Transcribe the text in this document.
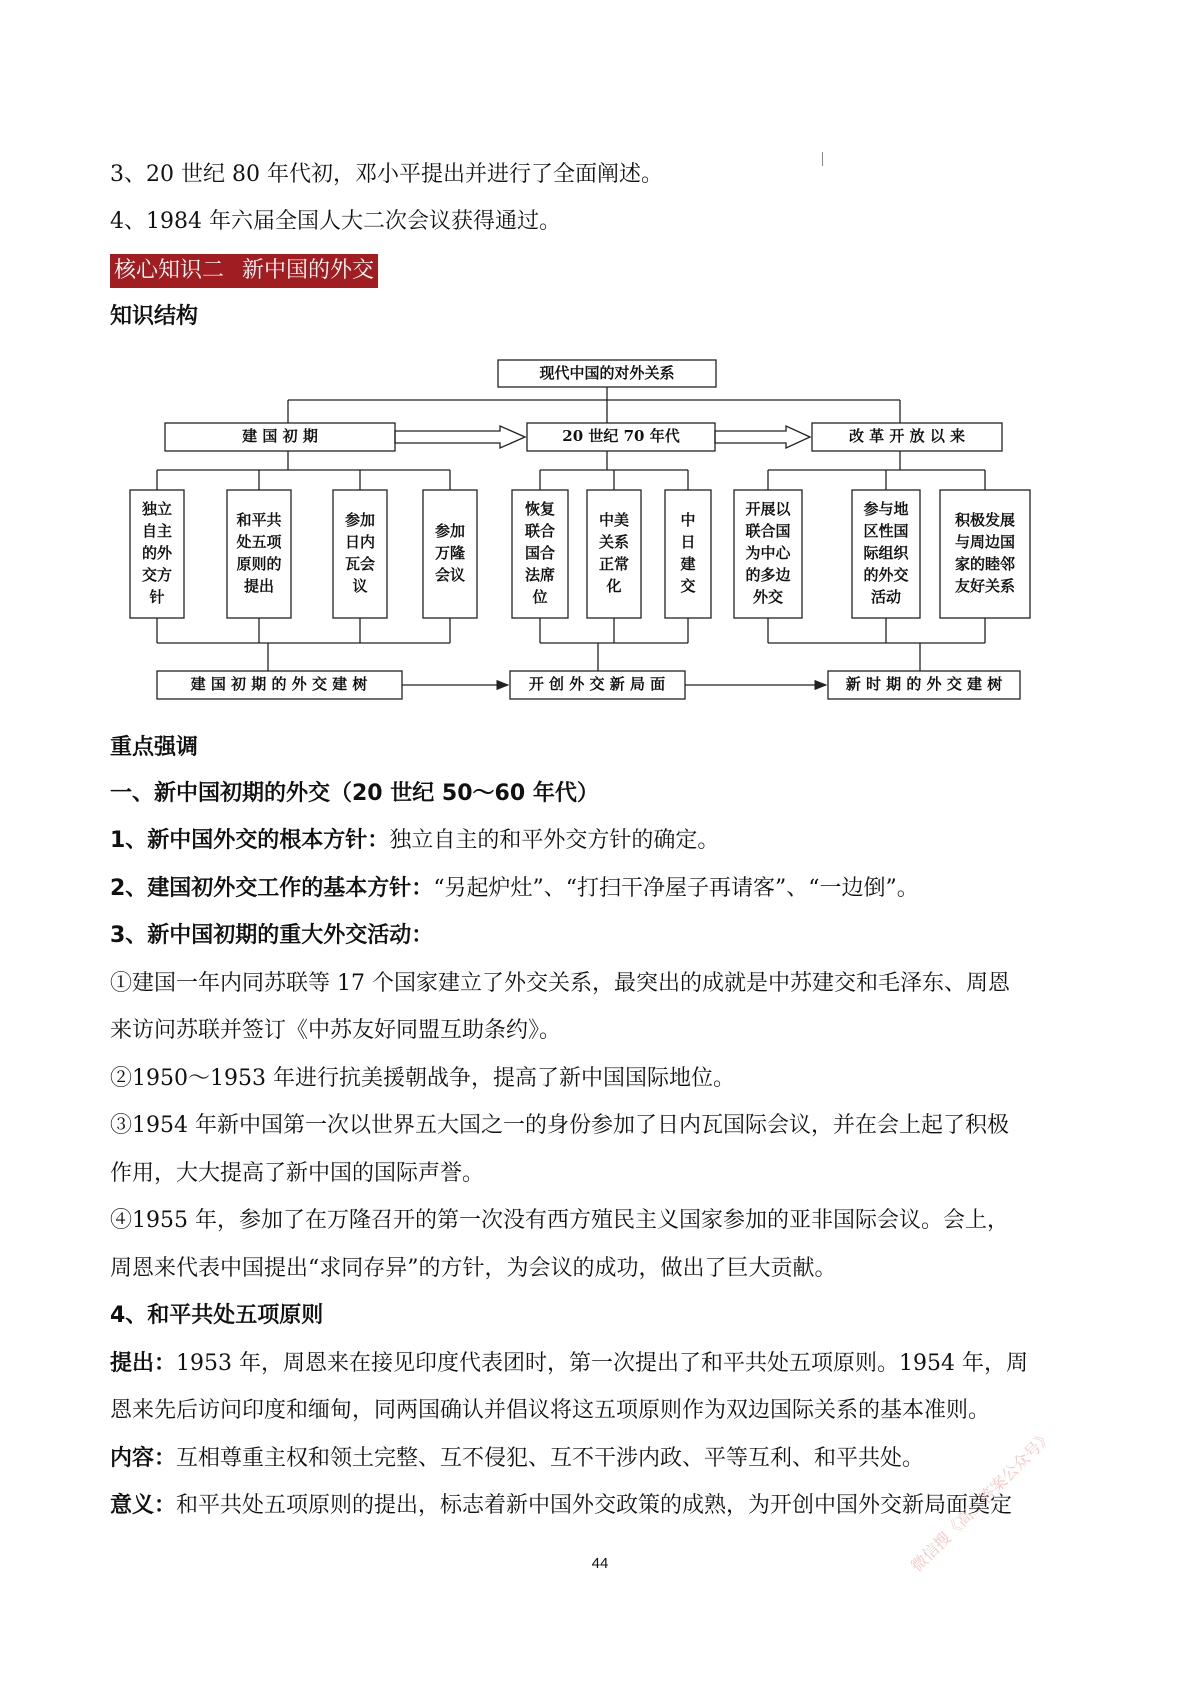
3、20 世纪 80 年代初，邓小平提出并进行了全面阐述。
4、1984 年六届全国人大二次会议获得通过。
核心知识二 新中国的外交
知识结构
现代中国的对外关系
建 国 初 期	20 世纪 70 年代	改 革 开 放 以 来
独立
自主
的外
交方
针
和平共
处五项
原则的
提出
参加
日内
瓦会
议
参加
万隆
会议
恢复
联合
国合
法席
位
中美
关系
正常
化
中
日
建
交
开展以
联合国
为中心
的多边
外交
参与地
区性国
际组织
的外交
活动
积极发展
与周边国
家的睦邻
友好关系
建 国 初 期 的 外 交 建 树	开 创 外 交 新 局 面	新 时 期 的 外 交 建 树
重点强调
一、新中国初期的外交（20 世纪 50～60 年代）
1、新中国外交的根本方针：独立自主的和平外交方针的确定。
2、建国初外交工作的基本方针：“另起炉灶”、“打扫干净屋子再请客”、“一边倒”。
3、新中国初期的重大外交活动：
①建国一年内同苏联等 17 个国家建立了外交关系，最突出的成就是中苏建交和毛泽东、周恩
来访问苏联并签订《中苏友好同盟互助条约》。
②1950～1953 年进行抗美援朝战争，提高了新中国国际地位。
③1954 年新中国第一次以世界五大国之一的身份参加了日内瓦国际会议，并在会上起了积极
作用，大大提高了新中国的国际声誉。
④1955 年，参加了在万隆召开的第一次没有西方殖民主义国家参加的亚非国际会议。会上，
周恩来代表中国提出“求同存异”的方针，为会议的成功，做出了巨大贡献。
4、和平共处五项原则
提出：1953 年，周恩来在接见印度代表团时，第一次提出了和平共处五项原则。1954 年，周
恩来先后访问印度和缅甸，同两国确认并倡议将这五项原则作为双边国际关系的基本准则。
内容：互相尊重主权和领土完整、互不侵犯、互不干涉内政、平等互利、和平共处。
意义：和平共处五项原则的提出，标志着新中国外交政策的成熟，为开创中国外交新局面奠定
44	微信搜《高三答案公众号》
